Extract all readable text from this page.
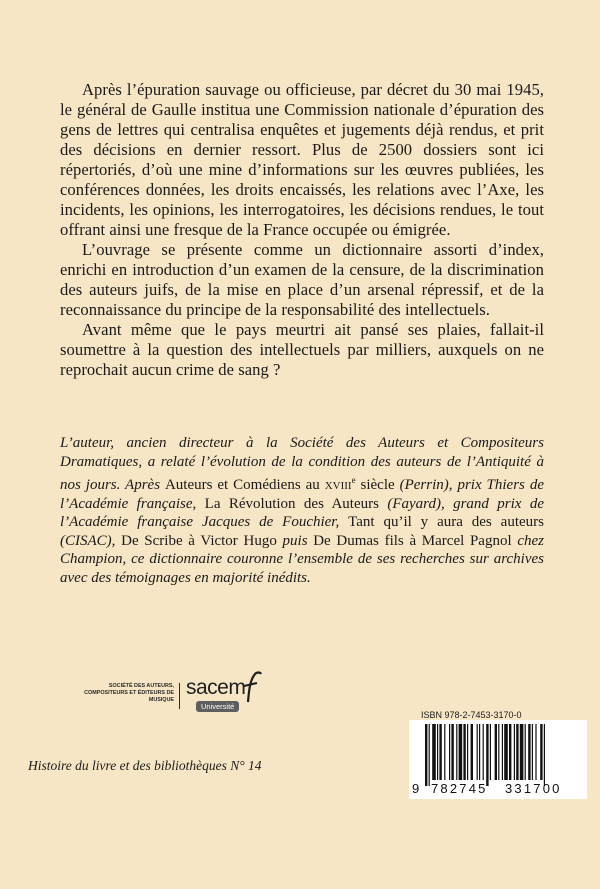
Après l’épuration sauvage ou officieuse, par décret du 30 mai 1945, le général de Gaulle institua une Commission nationale d’épuration des gens de lettres qui centralisa enquêtes et jugements déjà rendus, et prit des décisions en dernier ressort. Plus de 2500 dossiers sont ici répertoriés, d’où une mine d’informations sur les œuvres publiées, les conférences données, les droits encaissés, les relations avec l’Axe, les incidents, les opinions, les interrogatoires, les décisions rendues, le tout offrant ainsi une fresque de la France occupée ou émigrée.

L’ouvrage se présente comme un dictionnaire assorti d’index, enrichi en introduction d’un examen de la censure, de la discrimination des auteurs juifs, de la mise en place d’un arsenal répressif, et de la reconnaissance du principe de la responsabilité des intellectuels.

Avant même que le pays meurtri ait pansé ses plaies, fallait-il soumettre à la question des intellectuels par milliers, auxquels on ne reprochait aucun crime de sang ?

L’auteur, ancien directeur à la Société des Auteurs et Compositeurs Dramatiques, a relaté l’évolution de la condition des auteurs de l’Antiquité à nos jours. Après Auteurs et Comédiens au xviii$^e$ siècle (Perrin), prix Thiers de l’Académie française, La Révolution des Auteurs (Fayard), grand prix de l’Académie française Jacques de Fouchier, Tant qu’il y aura des auteurs (CISAC), De Scribe à Victor Hugo puis De Dumas fils à Marcel Pagnol chez Champion, ce dictionnaire couronne l’ensemble de ses recherches sur archives avec des témoignages en majorité inédits.

SOCIÉTÉ DES AUTEURS, COMPOSITEURS ET ÉDITEURS DE MUSIQUE
sacem
Université
Histoire du livre et des bibliothèques N° 14
ISBN 978-2-7453-3170-0
9 782745 331700
